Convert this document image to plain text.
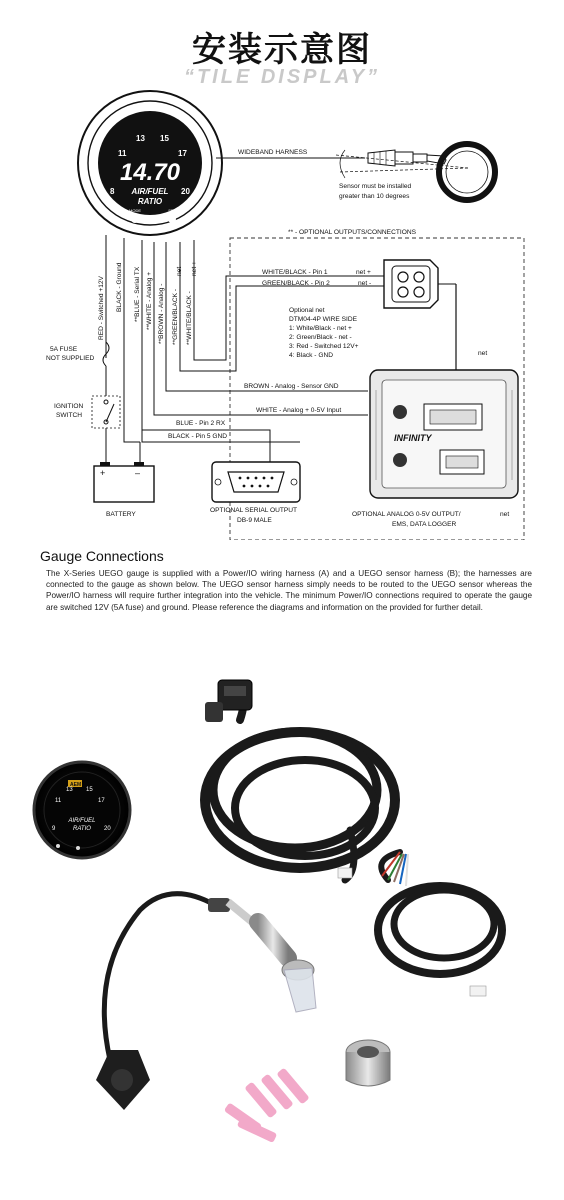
安装示意图
“TILE DISPLAY”
14.70
8
11
13 15
17
20
AIR/FUEL
RATIO
MODE	SEL
WIDEBAND HARNESS
Sensor must be installed
greater than 10 degrees
** - OPTIONAL OUTPUTS/CONNECTIONS
RED - Switched +12V BLACK - Ground **BLUE - Serial TX **WHITE - Analog + **BROWN - Analog - **GREEN/BLACK - **WHITE/BLACK -
net net +	WHITE/BLACK - Pin 1
GREEN/BLACK - Pin 2
net +
net -
Optional net
DTM04-4P WIRE SIDE
1: White/Black - net +
2: Green/Black - net -
3: Red - Switched 12V+
4: Black - GND	net
INFINITY
BROWN - Analog - Sensor GND
WHITE - Analog + 0-5V Input
BLUE - Pin 2 RX
BLACK - Pin 5 GND
OPTIONAL SERIAL OUTPUT
DB-9 MALE
OPTIONAL ANALOG 0-5V OUTPUT/
EMS, DATA LOGGER
net
5A FUSE
NOT SUPPLIED
IGNITION
SWITCH
+	–
BATTERY
Gauge Connections
The X-Series UEGO gauge is supplied with a Power/IO wiring harness (A) and a UEGO sensor harness (B); the harnesses are connected to the gauge as shown below. The UEGO sensor harness simply needs to be routed to the UEGO sensor whereas the Power/IO harness will require further integration into the vehicle. The minimum Power/IO connections required to operate the gauge are switched 12V (5A fuse) and ground. Please reference the diagrams and information on the provided for further detail.
AEM
9
11
13 15
17
20
AIR/FUEL
RATIO
